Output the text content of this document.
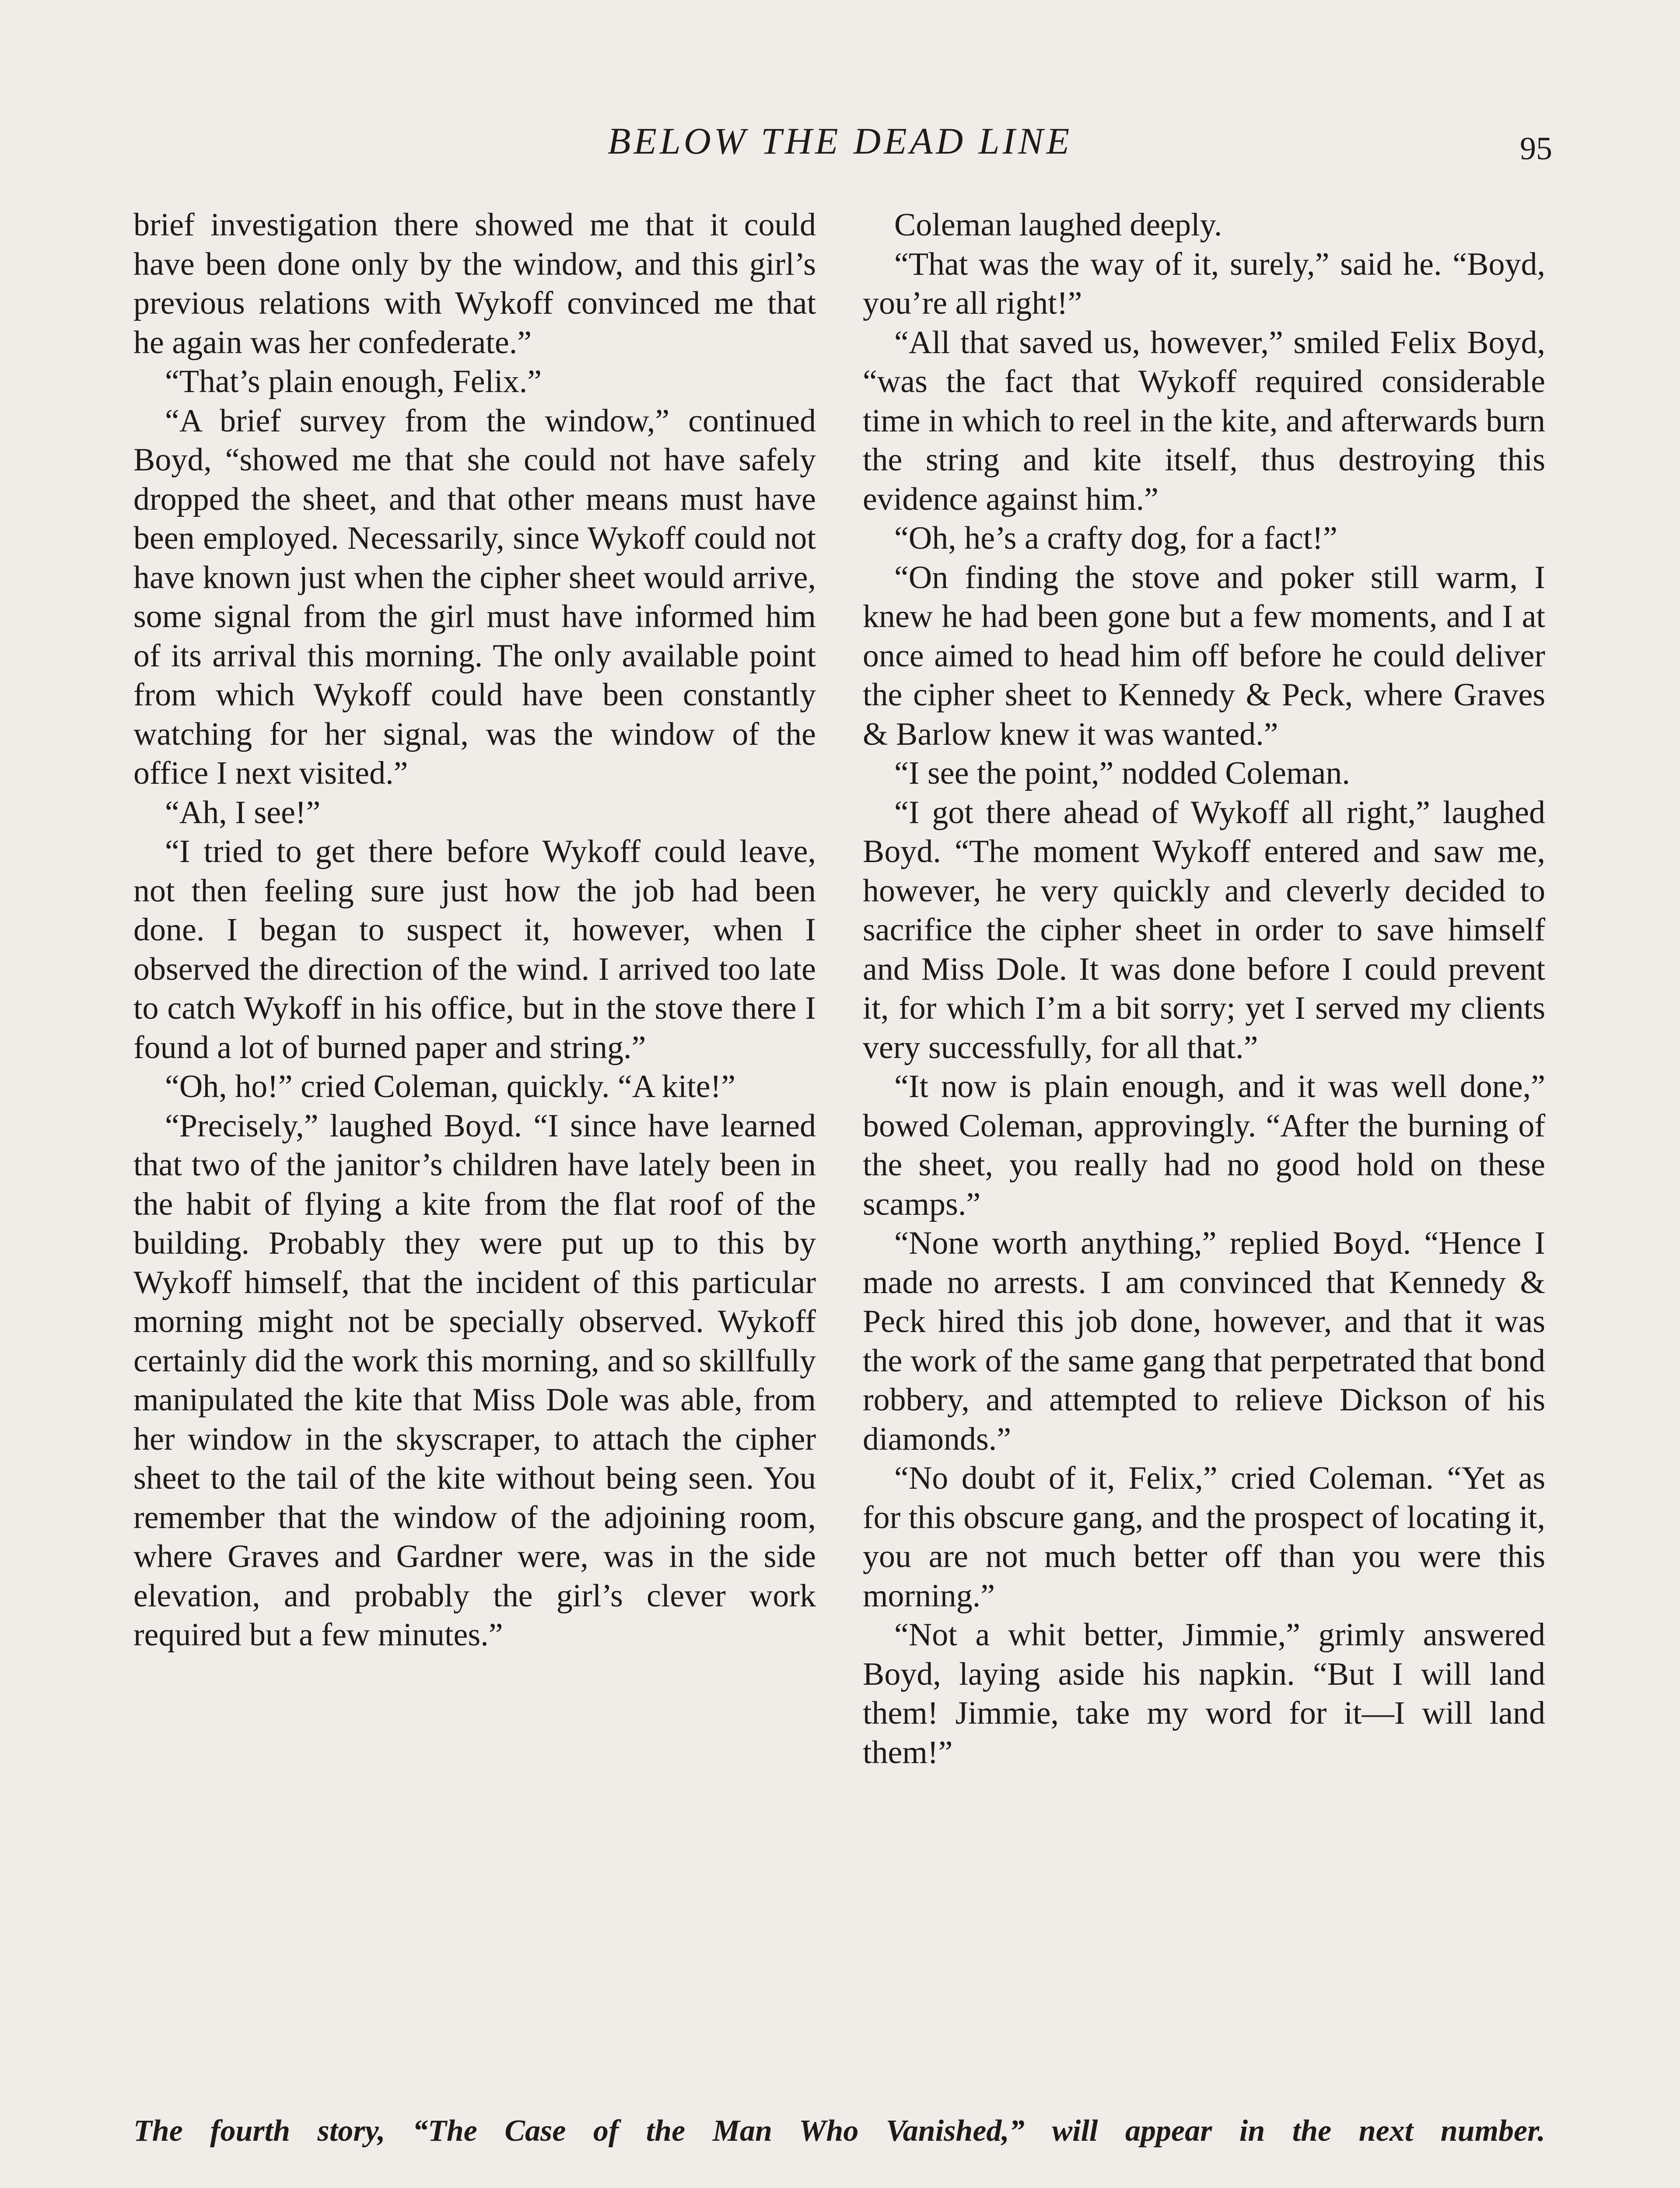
BELOW THE DEAD LINE	95

brief investigation there showed me that it could have been done only by the window, and this girl’s previous relations with Wykoff convinced me that he again was her confederate.”

“That’s plain enough, Felix.”

“A brief survey from the window,” continued Boyd, “showed me that she could not have safely dropped the sheet, and that other means must have been employed. Necessarily, since Wykoff could not have known just when the cipher sheet would arrive, some signal from the girl must have informed him of its arrival this morning. The only available point from which Wykoff could have been constantly watching for her signal, was the window of the office I next visited.”

“Ah, I see!”

“I tried to get there before Wykoff could leave, not then feeling sure just how the job had been done. I began to suspect it, however, when I observed the direction of the wind. I arrived too late to catch Wykoff in his office, but in the stove there I found a lot of burned paper and string.”

“Oh, ho!” cried Coleman, quickly. “A kite!”

“Precisely,” laughed Boyd. “I since have learned that two of the janitor’s children have lately been in the habit of flying a kite from the flat roof of the building. Probably they were put up to this by Wykoff himself, that the incident of this particular morning might not be specially observed. Wykoff certainly did the work this morning, and so skillfully manipulated the kite that Miss Dole was able, from her window in the skyscraper, to attach the cipher sheet to the tail of the kite without being seen. You remember that the window of the adjoining room, where Graves and Gardner were, was in the side elevation, and probably the girl’s clever work required but a few minutes.”

Coleman laughed deeply.

“That was the way of it, surely,” said he. “Boyd, you’re all right!”

“All that saved us, however,” smiled Felix Boyd, “was the fact that Wykoff required considerable time in which to reel in the kite, and afterwards burn the string and kite itself, thus destroying this evidence against him.”

“Oh, he’s a crafty dog, for a fact!”

“On finding the stove and poker still warm, I knew he had been gone but a few moments, and I at once aimed to head him off before he could deliver the cipher sheet to Kennedy & Peck, where Graves & Barlow knew it was wanted.”

“I see the point,” nodded Coleman.

“I got there ahead of Wykoff all right,” laughed Boyd. “The moment Wykoff entered and saw me, however, he very quickly and cleverly decided to sacrifice the cipher sheet in order to save himself and Miss Dole. It was done before I could prevent it, for which I’m a bit sorry; yet I served my clients very successfully, for all that.”

“It now is plain enough, and it was well done,” bowed Coleman, approvingly. “After the burning of the sheet, you really had no good hold on these scamps.”

“None worth anything,” replied Boyd. “Hence I made no arrests. I am convinced that Kennedy & Peck hired this job done, however, and that it was the work of the same gang that perpetrated that bond robbery, and attempted to relieve Dickson of his diamonds.”

“No doubt of it, Felix,” cried Coleman. “Yet as for this obscure gang, and the prospect of locating it, you are not much better off than you were this morning.”

“Not a whit better, Jimmie,” grimly answered Boyd, laying aside his napkin. “But I will land them! Jimmie, take my word for it—I will land them!”

The fourth story, “The Case of the Man Who Vanished,” will appear in the next number.
